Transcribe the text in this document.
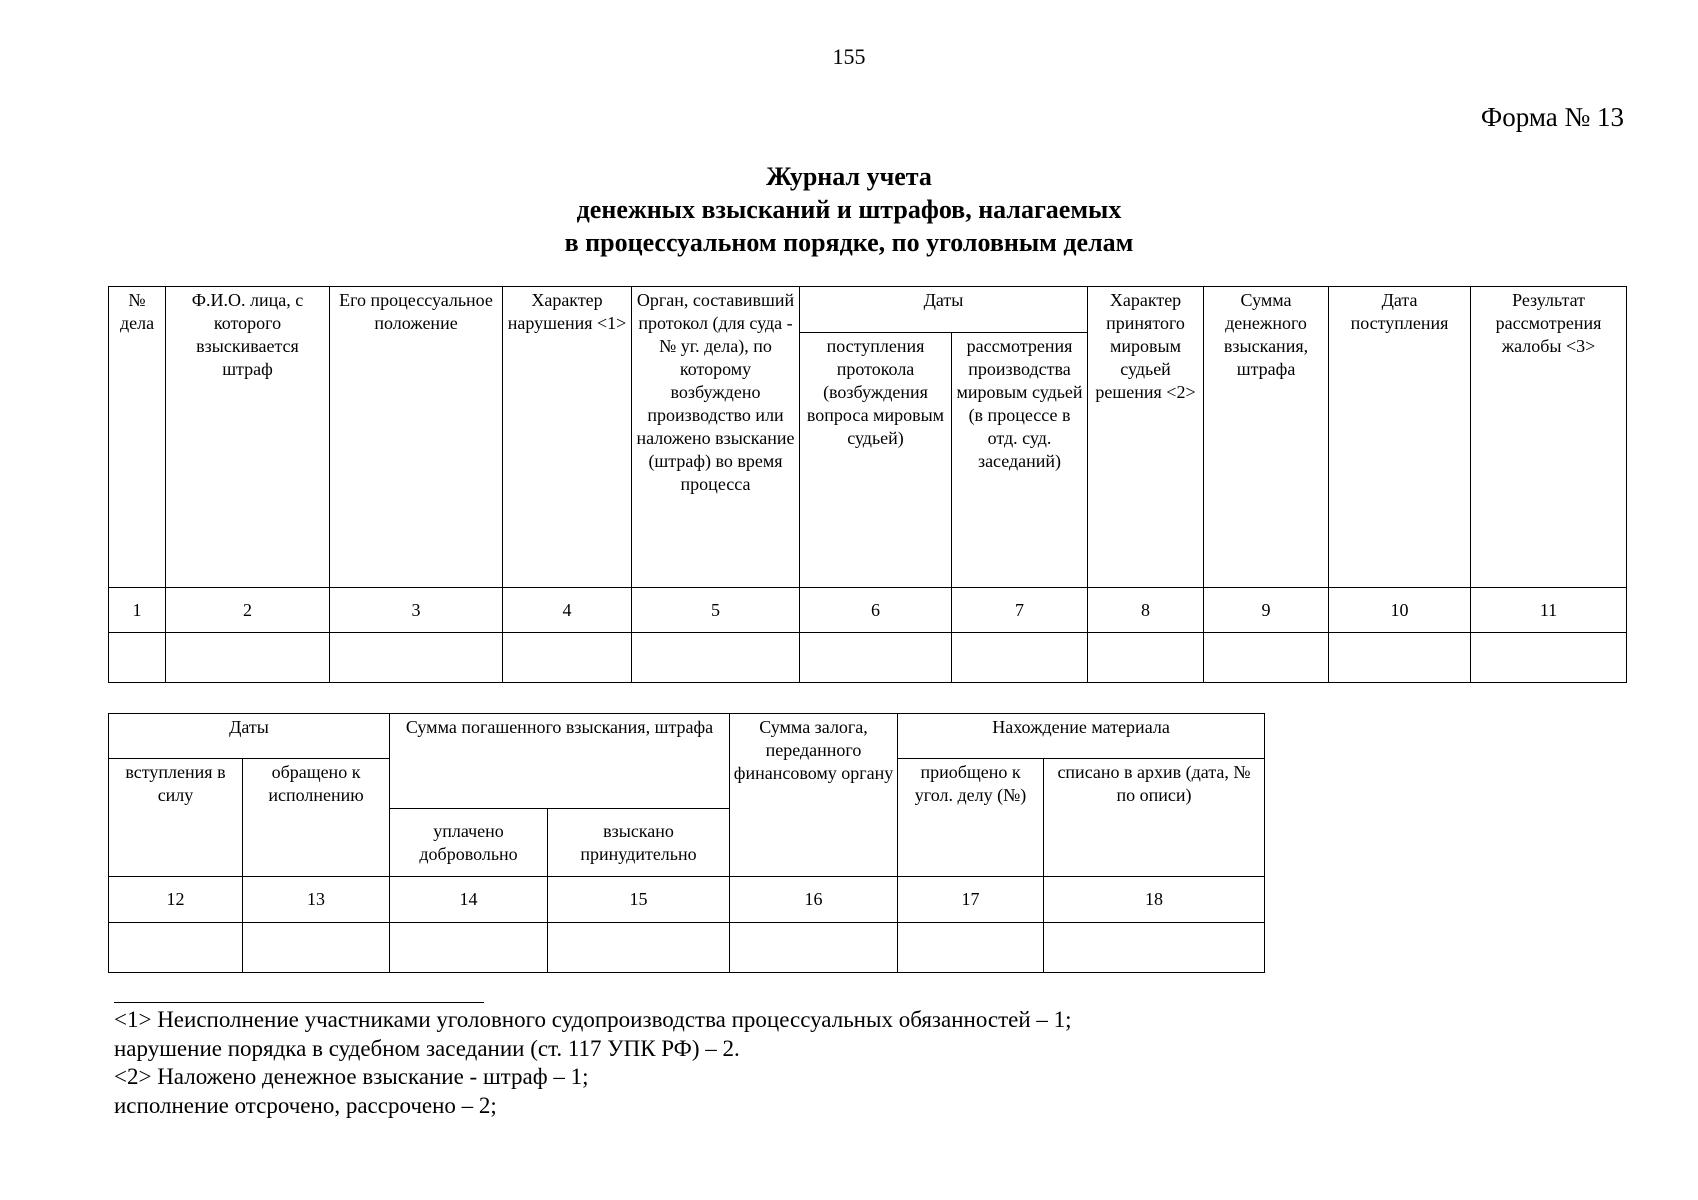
155
Форма № 13
Журнал учета
денежных взысканий и штрафов, налагаемых
в процессуальном порядке, по уголовным делам
№ дела	Ф.И.О. лица, с которого взыскивается штраф	Его процессуальное положение	Характер нарушения <1>	Орган, составивший протокол (для суда - № уг. дела), по которому возбуждено производство или наложено взыскание (штраф) во время процесса	Даты		Характер принятого мировым судьей решения <2>	Сумма денежного взыскания, штрафа	Дата поступления	Результат рассмотрения жалобы <3>
					поступления протокола (возбуждения вопроса мировым судьей)	рассмотрения производства мировым судьей (в процессе в отд. суд. заседаний)				
1	2	3	4	5	6	7	8	9	10	11

Даты		Сумма погашенного взыскания, штрафа		Сумма залога, переданного финансовому органу	Нахождение материала	
вступления в силу	обращено к исполнению				приобщено к угол. делу (№)	списано в архив (дата, № по описи)
		уплачено добровольно	взыскано принудительно			
12	13	14	15	16	17	18

<1> Неисполнение участниками уголовного судопроизводства процессуальных обязанностей – 1;
нарушение порядка в судебном заседании (ст. 117 УПК РФ) – 2.
<2> Наложено денежное взыскание - штраф – 1;
исполнение отсрочено, рассрочено – 2;
